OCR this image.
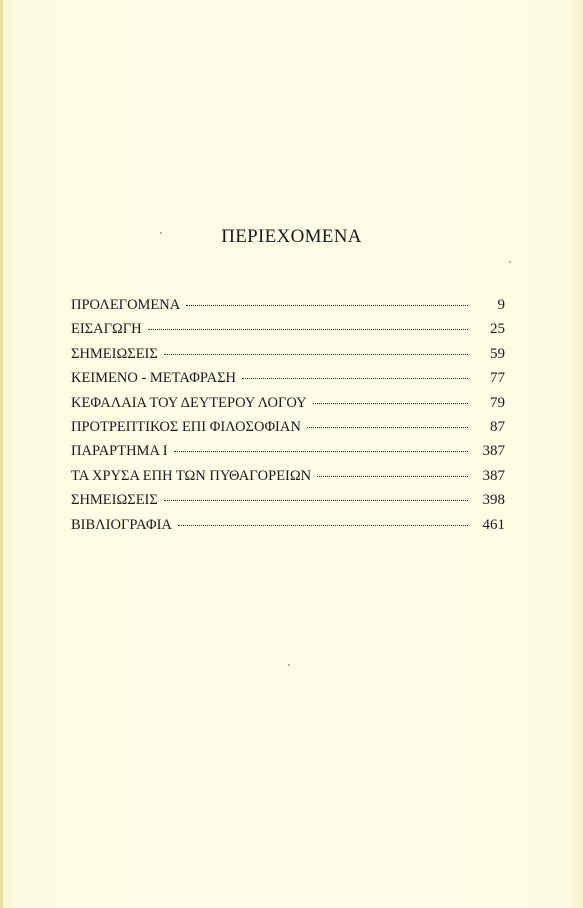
ΠΕΡΙΕΧΟΜΕΝΑ
ΠΡΟΛΕΓΟΜΕΝΑ	9
ΕΙΣΑΓΩΓΗ	25
ΣΗΜΕΙΩΣΕΙΣ	59
ΚΕΙΜΕΝΟ - ΜΕΤΑΦΡΑΣΗ	77
ΚΕΦΑΛΑΙΑ ΤΟΥ ΔΕΥΤΕΡΟΥ ΛΟΓΟΥ	79
ΠΡΟΤΡΕΠΤΙΚΟΣ ΕΠΙ ΦΙΛΟΣΟΦΙΑΝ	87
ΠΑΡΑΡΤΗΜΑ Ι	387
ΤΑ ΧΡΥΣΑ ΕΠΗ ΤΩΝ ΠΥΘΑΓΟΡΕΙΩΝ	387
ΣΗΜΕΙΩΣΕΙΣ	398
ΒΙΒΛΙΟΓΡΑΦΙΑ	461
